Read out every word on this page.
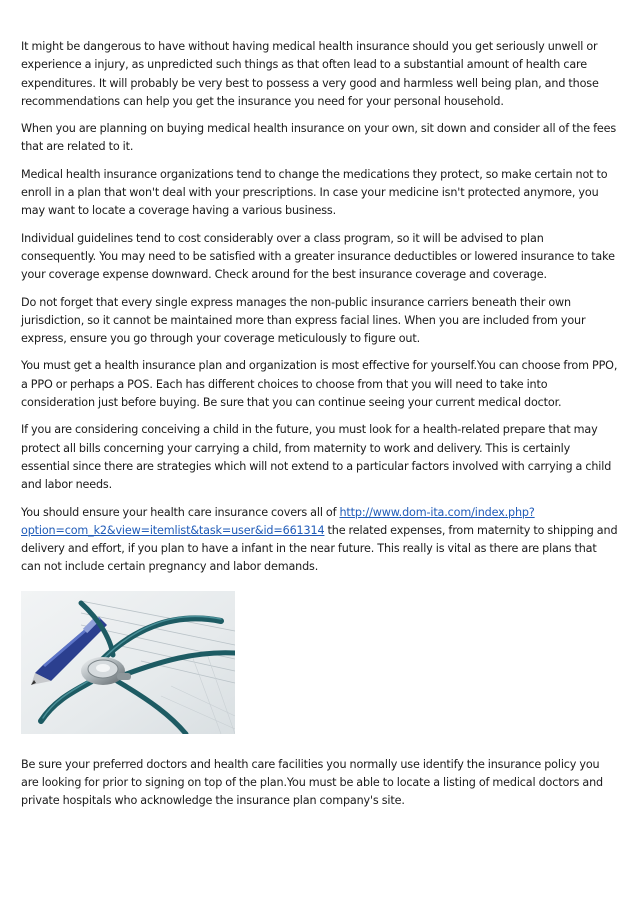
It might be dangerous to have without having medical health insurance should you get seriously unwell or experience a injury, as unpredicted such things as that often lead to a substantial amount of health care expenditures. It will probably be very best to possess a very good and harmless well being plan, and those recommendations can help you get the insurance you need for your personal household.

When you are planning on buying medical health insurance on your own, sit down and consider all of the fees that are related to it.

Medical health insurance organizations tend to change the medications they protect, so make certain not to enroll in a plan that won't deal with your prescriptions. In case your medicine isn't protected anymore, you may want to locate a coverage having a various business.

Individual guidelines tend to cost considerably over a class program, so it will be advised to plan consequently. You may need to be satisfied with a greater insurance deductibles or lowered insurance to take your coverage expense downward. Check around for the best insurance coverage and coverage.

Do not forget that every single express manages the non-public insurance carriers beneath their own jurisdiction, so it cannot be maintained more than express facial lines. When you are included from your express, ensure you go through your coverage meticulously to figure out.

You must get a health insurance plan and organization is most effective for yourself.You can choose from PPO, a PPO or perhaps a POS. Each has different choices to choose from that you will need to take into consideration just before buying. Be sure that you can continue seeing your current medical doctor.

If you are considering conceiving a child in the future, you must look for a health-related prepare that may protect all bills concerning your carrying a child, from maternity to work and delivery. This is certainly essential since there are strategies which will not extend to a particular factors involved with carrying a child and labor needs.

You should ensure your health care insurance covers all of http://www.dom-ita.com/index.php?option=com_k2&view=itemlist&task=user&id=661314 the related expenses, from maternity to shipping and delivery and effort, if you plan to have a infant in the near future. This really is vital as there are plans that can not include certain pregnancy and labor demands.

Be sure your preferred doctors and health care facilities you normally use identify the insurance policy you are looking for prior to signing on top of the plan.You must be able to locate a listing of medical doctors and private hospitals who acknowledge the insurance plan company's site.
